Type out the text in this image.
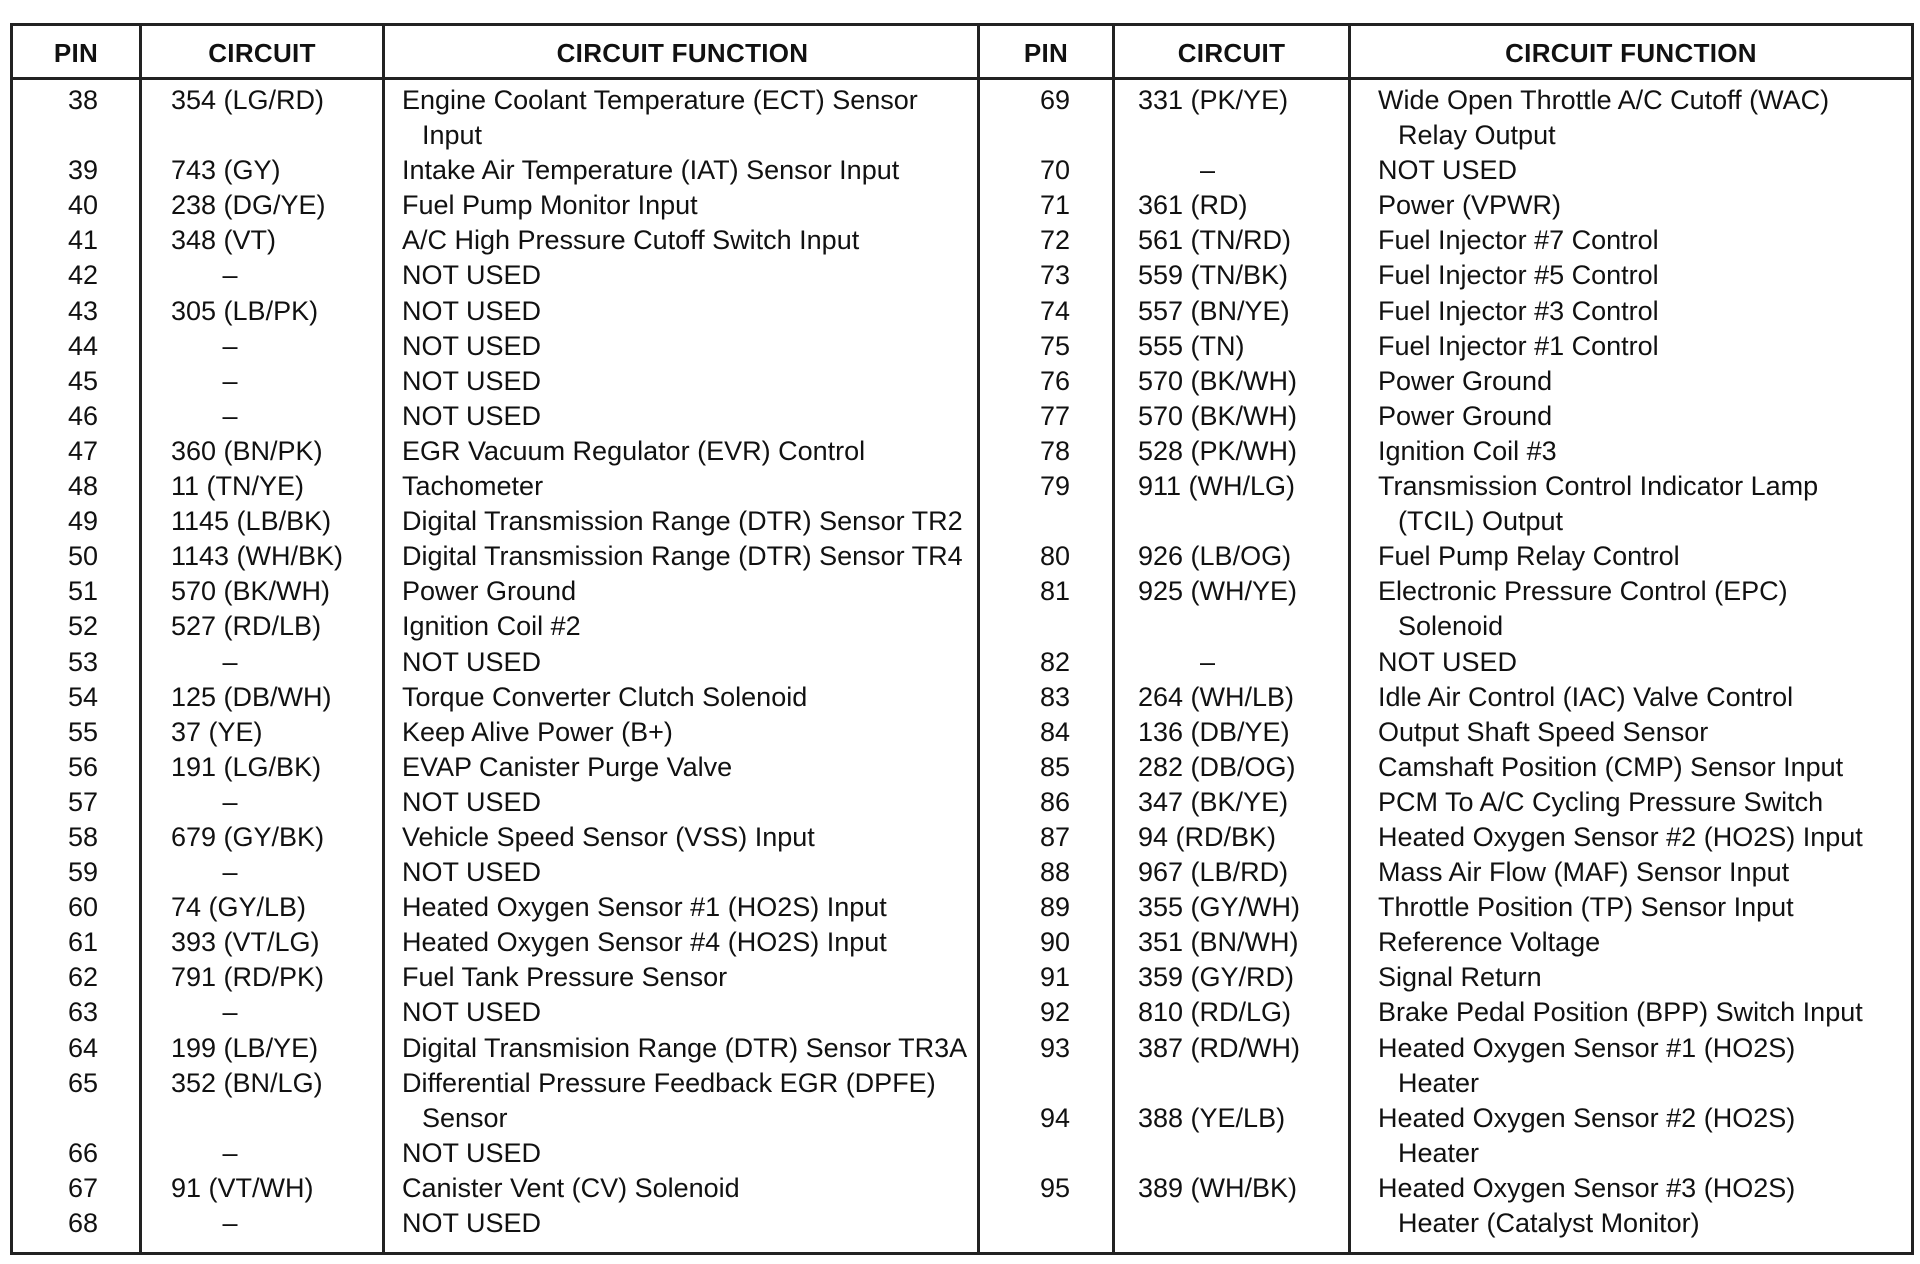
PIN	CIRCUIT	CIRCUIT FUNCTION
38	354 (LG/RD)	Engine Coolant Temperature (ECT) Sensor
Input
39	743 (GY)	Intake Air Temperature (IAT) Sensor Input
40	238 (DG/YE)	Fuel Pump Monitor Input
41	348 (VT)	A/C High Pressure Cutoff Switch Input
42	–	NOT USED
43	305 (LB/PK)	NOT USED
44	–	NOT USED
45	–	NOT USED
46	–	NOT USED
47	360 (BN/PK)	EGR Vacuum Regulator (EVR) Control
48	11 (TN/YE)	Tachometer
49	1145 (LB/BK)	Digital Transmission Range (DTR) Sensor TR2
50	1143 (WH/BK) Digital Transmission Range (DTR) Sensor TR4
51	570 (BK/WH)	Power Ground
52	527 (RD/LB)	Ignition Coil #2
53	–	NOT USED
54	125 (DB/WH)	Torque Converter Clutch Solenoid
55	37 (YE)	Keep Alive Power (B+)
56	191 (LG/BK)	EVAP Canister Purge Valve
57	–	NOT USED
58	679 (GY/BK)	Vehicle Speed Sensor (VSS) Input
59	–	NOT USED
60	74 (GY/LB)	Heated Oxygen Sensor #1 (HO2S) Input
61	393 (VT/LG)	Heated Oxygen Sensor #4 (HO2S) Input
62	791 (RD/PK)	Fuel Tank Pressure Sensor
63	–	NOT USED
64	199 (LB/YE)	Digital Transmision Range (DTR) Sensor TR3A
65	352 (BN/LG)	Differential Pressure Feedback EGR (DPFE)
Sensor
66	–	NOT USED
67	91 (VT/WH)	Canister Vent (CV) Solenoid
68	–	NOT USED
PIN	CIRCUIT	CIRCUIT FUNCTION
69	331 (PK/YE)	Wide Open Throttle A/C Cutoff (WAC)
Relay Output
70	–	NOT USED
71	361 (RD)	Power (VPWR)
72	561 (TN/RD)	Fuel Injector #7 Control
73	559 (TN/BK)	Fuel Injector #5 Control
74	557 (BN/YE)	Fuel Injector #3 Control
75	555 (TN)	Fuel Injector #1 Control
76	570 (BK/WH)	Power Ground
77	570 (BK/WH)	Power Ground
78	528 (PK/WH)	Ignition Coil #3
79	911 (WH/LG)	Transmission Control Indicator Lamp
(TCIL) Output
80	926 (LB/OG)	Fuel Pump Relay Control
81	925 (WH/YE)	Electronic Pressure Control (EPC)
Solenoid
82	–	NOT USED
83	264 (WH/LB)	Idle Air Control (IAC) Valve Control
84	136 (DB/YE)	Output Shaft Speed Sensor
85	282 (DB/OG)	Camshaft Position (CMP) Sensor Input
86	347 (BK/YE)	PCM To A/C Cycling Pressure Switch
87	94 (RD/BK)	Heated Oxygen Sensor #2 (HO2S) Input
88	967 (LB/RD)	Mass Air Flow (MAF) Sensor Input
89	355 (GY/WH)	Throttle Position (TP) Sensor Input
90	351 (BN/WH)	Reference Voltage
91	359 (GY/RD)	Signal Return
92	810 (RD/LG)	Brake Pedal Position (BPP) Switch Input
93	387 (RD/WH)	Heated Oxygen Sensor #1 (HO2S)
Heater
94	388 (YE/LB)	Heated Oxygen Sensor #2 (HO2S)
Heater
95	389 (WH/BK)	Heated Oxygen Sensor #3 (HO2S)
Heater (Catalyst Monitor)
